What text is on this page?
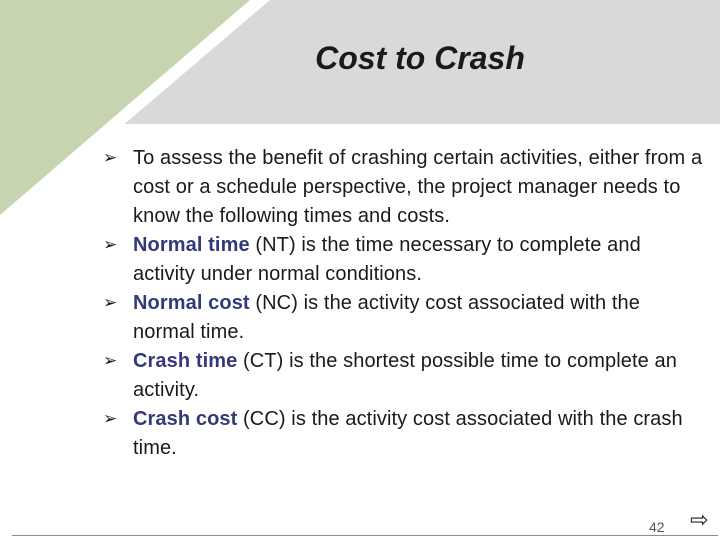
Cost to Crash
➢ To assess the benefit of crashing certain activities, either from a cost or a schedule perspective, the project manager needs to know the following times and costs.
➢ Normal time (NT) is the time necessary to complete and activity under normal conditions.
➢ Normal cost (NC) is the activity cost associated with the normal time.
➢ Crash time (CT) is the shortest possible time to complete an activity.
➢ Crash cost (CC) is the activity cost associated with the crash time.
42 ⇨
